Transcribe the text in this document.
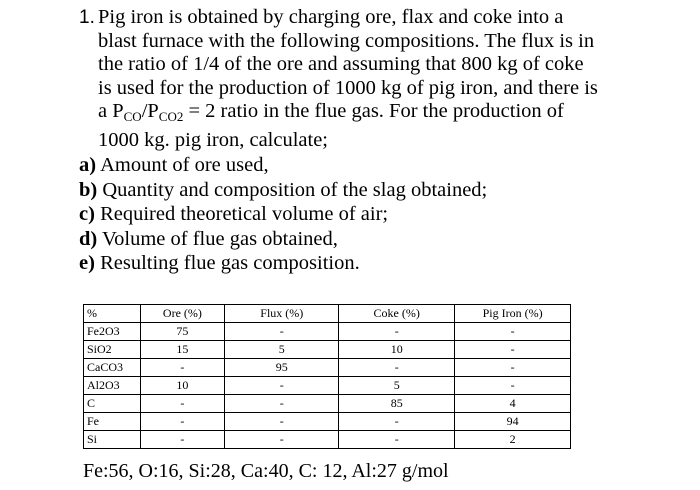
1. Pig iron is obtained by charging ore, flax and coke into a
blast furnace with the following compositions. The flux is in
the ratio of 1/4 of the ore and assuming that 800 kg of coke
is used for the production of 1000 kg of pig iron, and there is
a $P_{CO}/P_{CO2} = 2$ ratio in the flue gas. For the production of
1000 kg. pig iron, calculate;
a) Amount of ore used,
b) Quantity and composition of the slag obtained;
c) Required theoretical volume of air;
d) Volume of flue gas obtained,
e) Resulting flue gas composition.
%	Ore (%)	Flux (%)	Coke (%)	Pig Iron (%)
Fe2O3	75	-	-	-
SiO2	15	5	10	-
CaCO3	-	95	-	-
Al2O3	10	-	5	-
C	-	-	85	4
Fe	-	-	-	94
Si	-	-	-	2
Fe:56, O:16, Si:28, Ca:40, C: 12, Al:27 g/mol
